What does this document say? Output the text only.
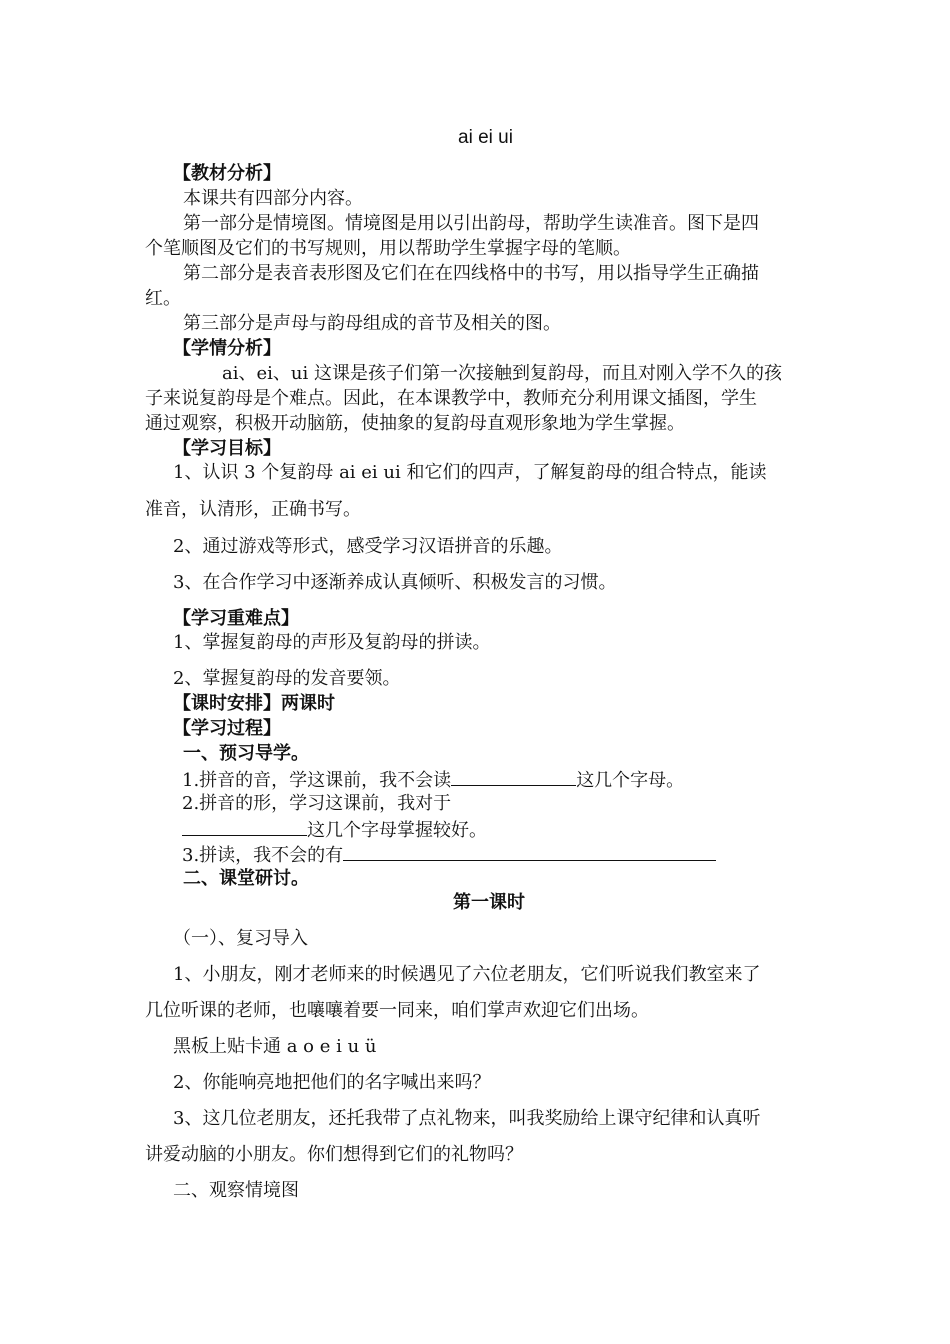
ai ei ui
【教材分析】
本课共有四部分内容。
第一部分是情境图。情境图是用以引出韵母，帮助学生读准音。图下是四
个笔顺图及它们的书写规则，用以帮助学生掌握字母的笔顺。
第二部分是表音表形图及它们在在四线格中的书写，用以指导学生正确描
红。
第三部分是声母与韵母组成的音节及相关的图。
【学情分析】
ai、ei、ui 这课是孩子们第一次接触到复韵母，而且对刚入学不久的孩
子来说复韵母是个难点。因此，在本课教学中，教师充分利用课文插图，学生
通过观察，积极开动脑筋，使抽象的复韵母直观形象地为学生掌握。
【学习目标】
1、认识 3 个复韵母 ai ei ui 和它们的四声，了解复韵母的组合特点，能读
准音，认清形，正确书写。
2、通过游戏等形式，感受学习汉语拼音的乐趣。
3、在合作学习中逐渐养成认真倾听、积极发言的习惯。
【学习重难点】
1、掌握复韵母的声形及复韵母的拼读。
2、掌握复韵母的发音要领。
【课时安排】两课时
【学习过程】
一、预习导学。
1.拼音的音，学这课前，我不会读	这几个字母。
2.拼音的形，学习这课前，我对于
这几个字母掌握较好。
3.拼读，我不会的有
二、课堂研讨。
第一课时
（一）、复习导入
1、小朋友，刚才老师来的时候遇见了六位老朋友，它们听说我们教室来了
几位听课的老师，也嚷嚷着要一同来，咱们掌声欢迎它们出场。
黑板上贴卡通 a o e i u ü
2、你能响亮地把他们的名字喊出来吗？
3、这几位老朋友，还托我带了点礼物来，叫我奖励给上课守纪律和认真听
讲爱动脑的小朋友。你们想得到它们的礼物吗？
二、观察情境图
